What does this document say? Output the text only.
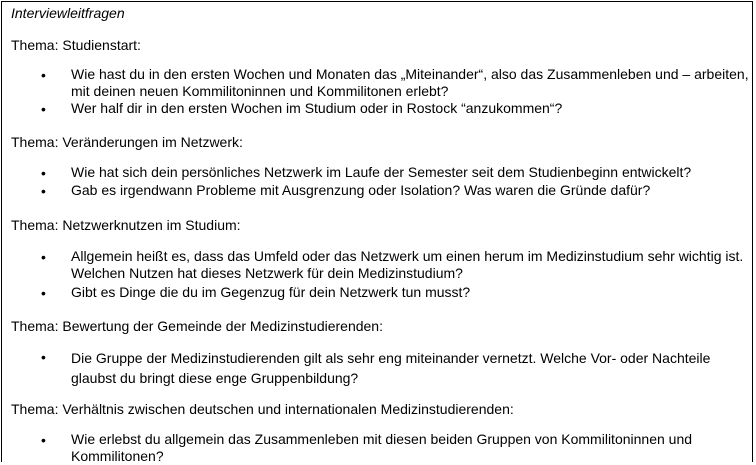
Interviewleitfragen
Thema: Studienstart:
• Wie hast du in den ersten Wochen und Monaten das „Miteinander“, also das Zusammenleben und – arbeiten, mit deinen neuen Kommilitoninnen und Kommilitonen erlebt?
• Wer half dir in den ersten Wochen im Studium oder in Rostock “anzukommen“?
Thema: Veränderungen im Netzwerk:
• Wie hat sich dein persönliches Netzwerk im Laufe der Semester seit dem Studienbeginn entwickelt?
• Gab es irgendwann Probleme mit Ausgrenzung oder Isolation? Was waren die Gründe dafür?
Thema: Netzwerknutzen im Studium:
• Allgemein heißt es, dass das Umfeld oder das Netzwerk um einen herum im Medizinstudium sehr wichtig ist. Welchen Nutzen hat dieses Netzwerk für dein Medizinstudium?
• Gibt es Dinge die du im Gegenzug für dein Netzwerk tun musst?
Thema: Bewertung der Gemeinde der Medizinstudierenden:
• Die Gruppe der Medizinstudierenden gilt als sehr eng miteinander vernetzt. Welche Vor- oder Nachteile glaubst du bringt diese enge Gruppenbildung?
Thema: Verhältnis zwischen deutschen und internationalen Medizinstudierenden:
• Wie erlebst du allgemein das Zusammenleben mit diesen beiden Gruppen von Kommilitoninnen und Kommilitonen?
